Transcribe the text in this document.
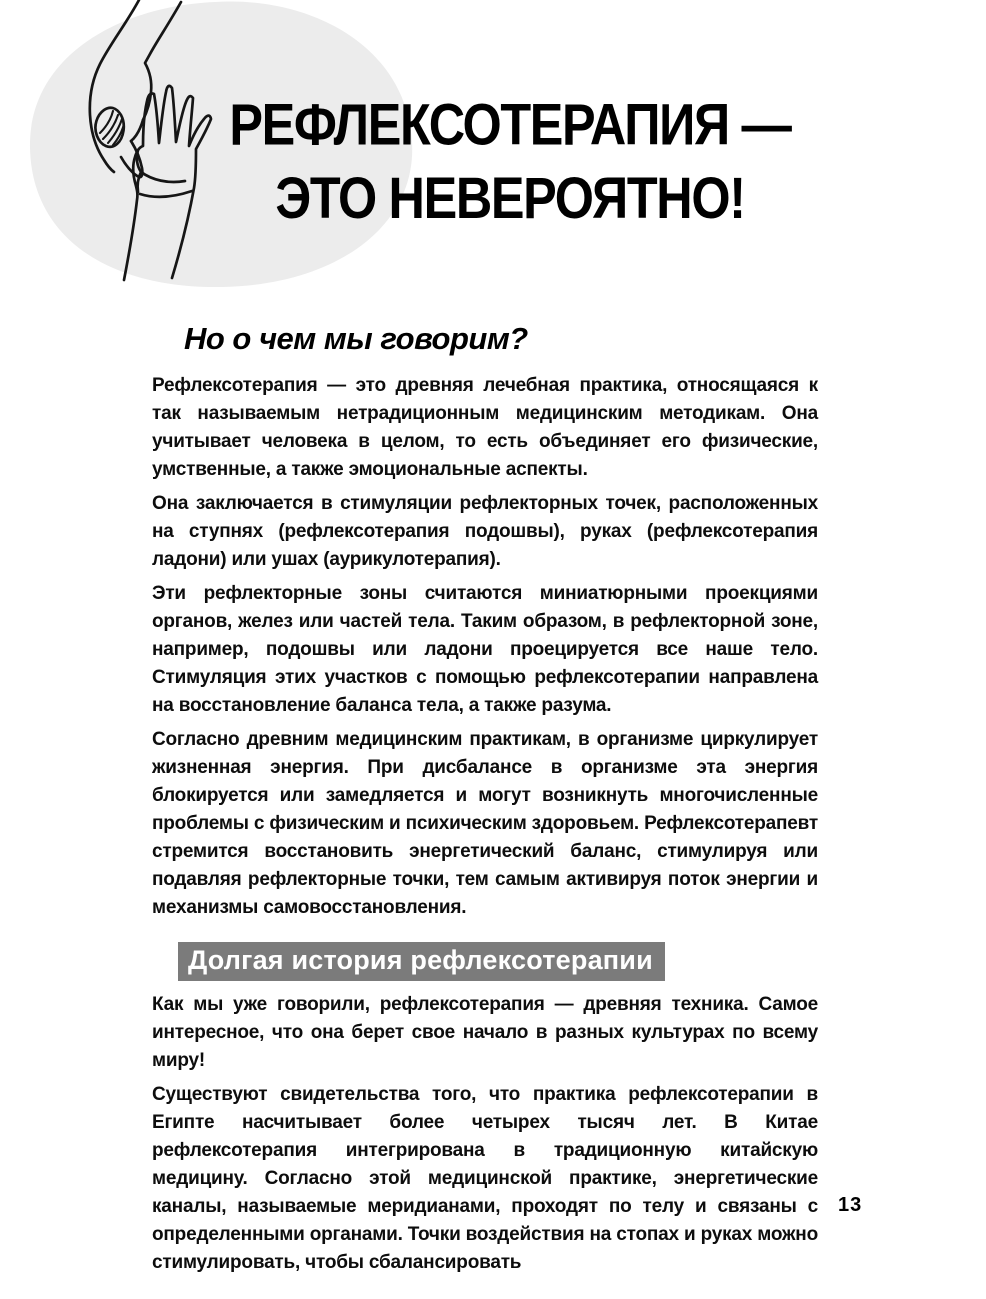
РЕФЛЕКСОТЕРАПИЯ —
ЭТО НЕВЕРОЯТНО!
Но о чем мы говорим?

Рефлексотерапия — это древняя лечебная практика, относящаяся к так называемым нетрадиционным медицинским методикам. Она учитывает человека в целом, то есть объединяет его физические, умственные, а также эмоциональные аспекты.

Она заключается в стимуляции рефлекторных точек, расположенных на ступнях (рефлексотерапия подошвы), руках (рефлексотерапия ладони) или ушах (аурикулотерапия).

Эти рефлекторные зоны считаются миниатюрными проекциями органов, желез или частей тела. Таким образом, в рефлекторной зоне, например, подошвы или ладони проецируется все наше тело. Стимуляция этих участков с помощью рефлексотерапии направлена на восстановление баланса тела, а также разума.

Согласно древним медицинским практикам, в организме циркулирует жизненная энергия. При дисбалансе в организме эта энергия блокируется или замедляется и могут возникнуть многочисленные проблемы с физическим и психическим здоровьем. Рефлексотерапевт стремится восстановить энергетический баланс, стимулируя или подавляя рефлекторные точки, тем самым активируя поток энергии и механизмы самовосстановления.

Долгая история рефлексотерапии

Как мы уже говорили, рефлексотерапия — древняя техника. Самое интересное, что она берет свое начало в разных культурах по всему миру!

Существуют свидетельства того, что практика рефлексотерапии в Египте насчитывает более четырех тысяч лет. В Китае рефлексотерапия интегрирована в традиционную китайскую медицину. Согласно этой медицинской практике, энергетические каналы, называемые меридианами, проходят по телу и связаны с определенными органами. Точки воздействия на стопах и руках можно стимулировать, чтобы сбалансировать

13
